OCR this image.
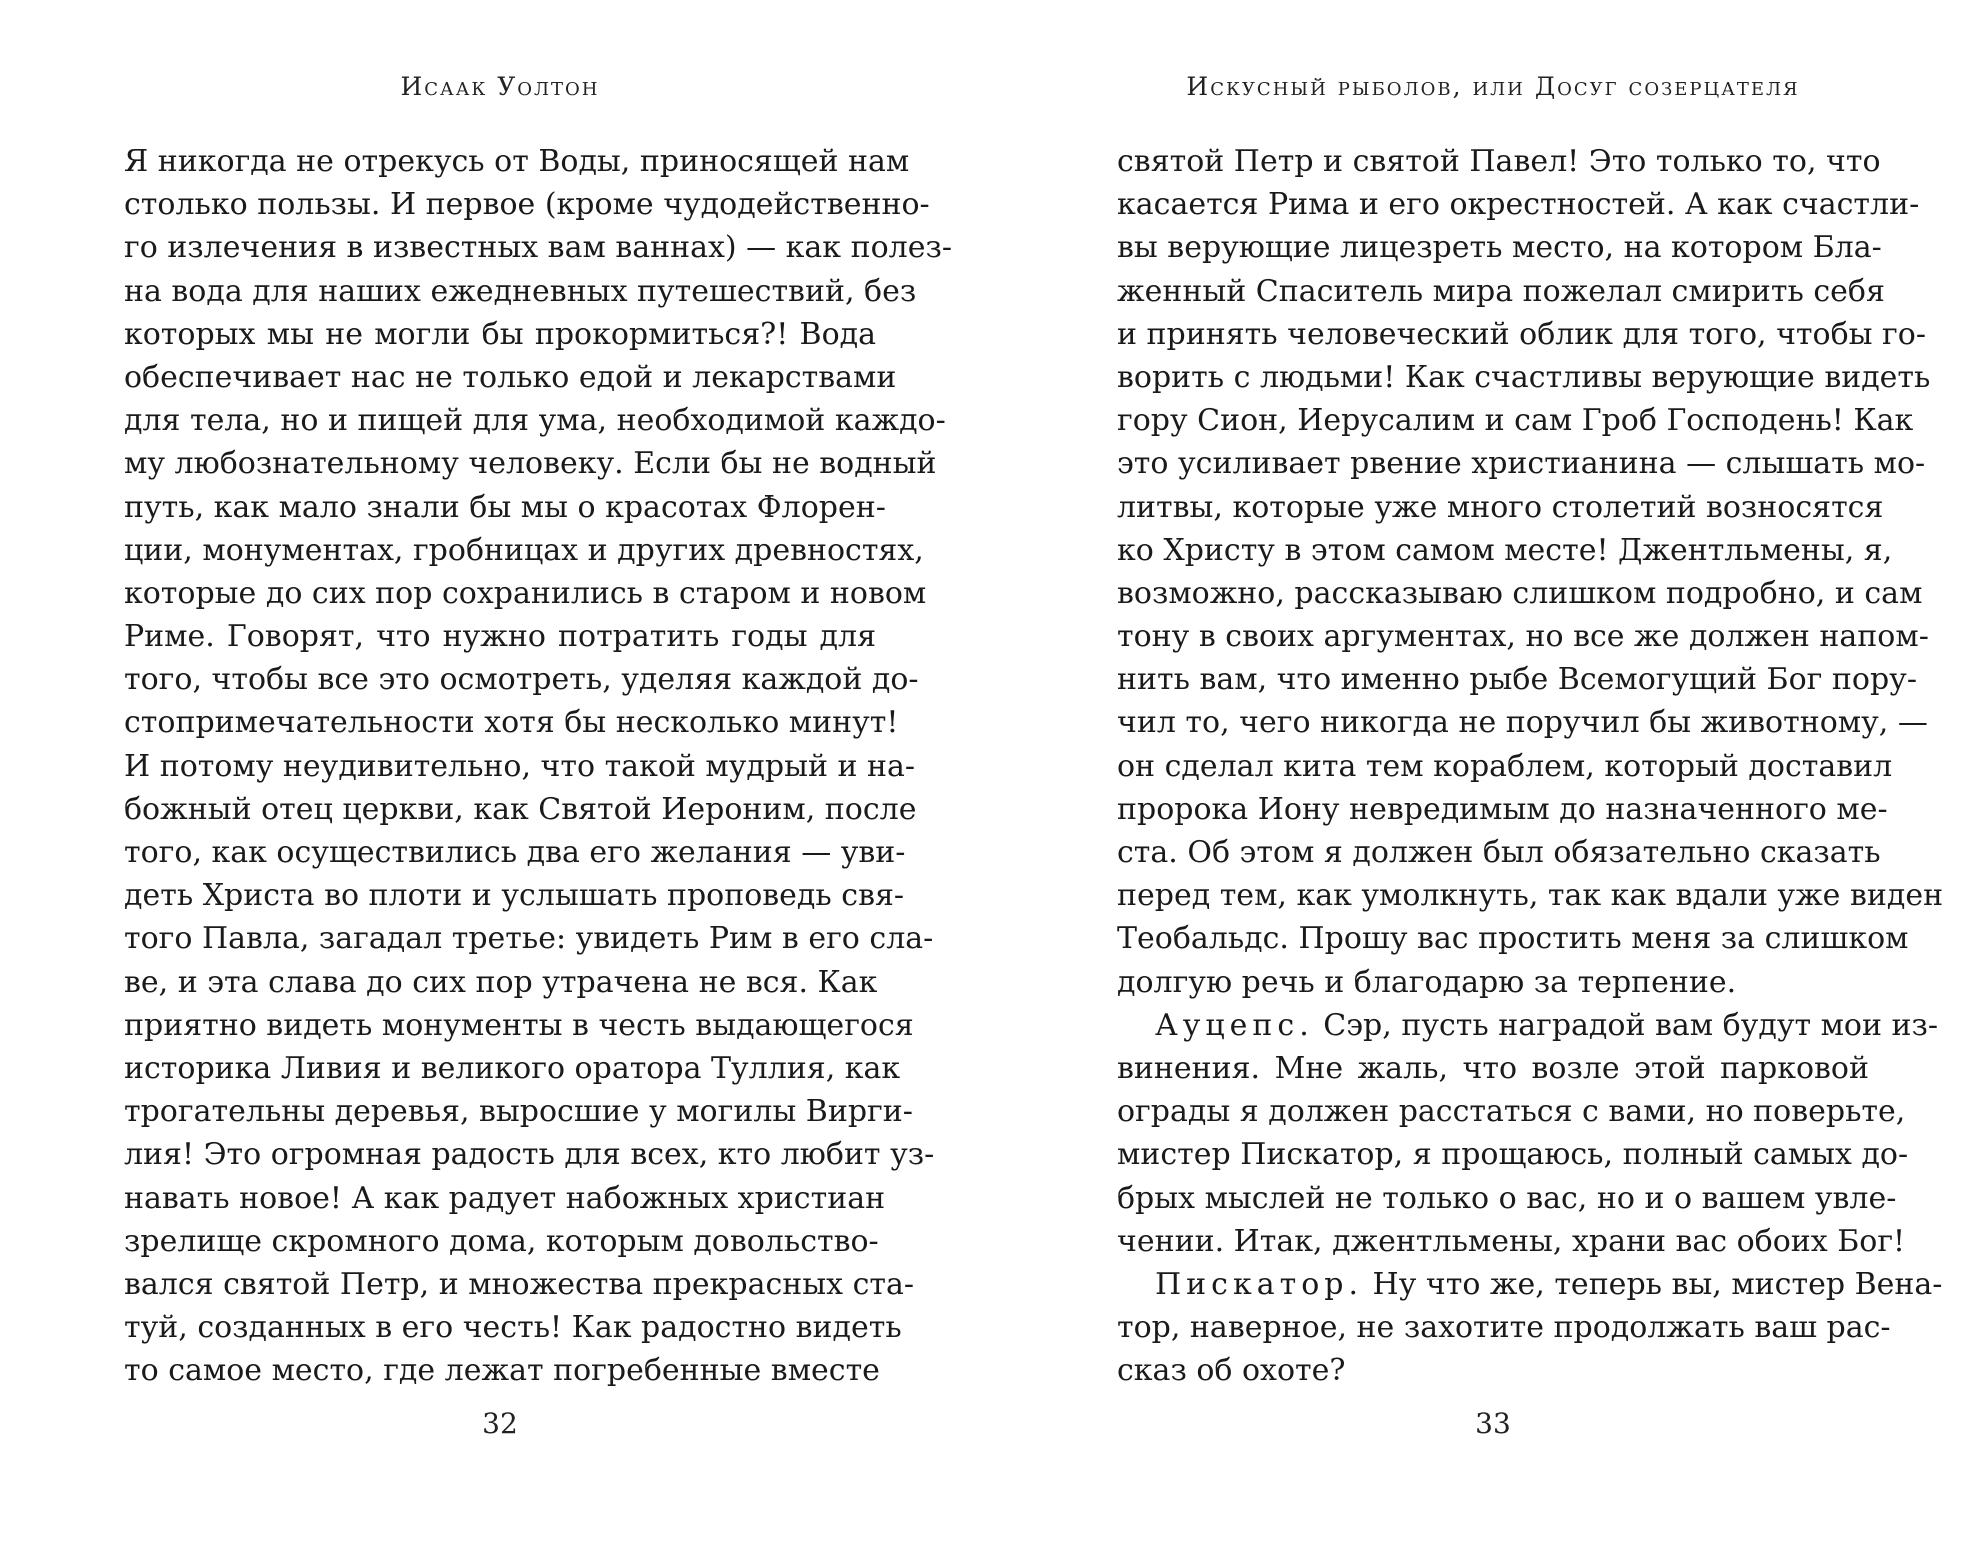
Исаак Уолтон
Я никогда не отрекусь от Воды, приносящей нам
столько пользы. И первое (кроме чудодейственно-
го излечения в известных вам ваннах) — как полез-
на вода для наших ежедневных путешествий, без
которых мы не могли бы прокормиться?! Вода
обеспечивает нас не только едой и лекарствами
для тела, но и пищей для ума, необходимой каждо-
му любознательному человеку. Если бы не водный
путь, как мало знали бы мы о красотах Флорен-
ции, монументах, гробницах и других древностях,
которые до сих пор сохранились в старом и новом
Риме. Говорят, что нужно потратить годы для
того, чтобы все это осмотреть, уделяя каждой до-
стопримечательности хотя бы несколько минут!
И потому неудивительно, что такой мудрый и на-
божный отец церкви, как Святой Иероним, после
того, как осуществились два его желания — уви-
деть Христа во плоти и услышать проповедь свя-
того Павла, загадал третье: увидеть Рим в его сла-
ве, и эта слава до сих пор утрачена не вся. Как
приятно видеть монументы в честь выдающегося
историка Ливия и великого оратора Туллия, как
трогательны деревья, выросшие у могилы Вирги-
лия! Это огромная радость для всех, кто любит уз-
навать новое! А как радует набожных христиан
зрелище скромного дома, которым довольство-
вался святой Петр, и множества прекрасных ста-
туй, созданных в его честь! Как радостно видеть
то самое место, где лежат погребенные вместе
32
Искусный рыболов, или Досуг созерцателя
святой Петр и святой Павел! Это только то, что
касается Рима и его окрестностей. А как счастли-
вы верующие лицезреть место, на котором Бла-
женный Спаситель мира пожелал смирить себя
и принять человеческий облик для того, чтобы го-
ворить с людьми! Как счастливы верующие видеть
гору Сион, Иерусалим и сам Гроб Господень! Как
это усиливает рвение христианина — слышать мо-
литвы, которые уже много столетий возносятся
ко Христу в этом самом месте! Джентльмены, я,
возможно, рассказываю слишком подробно, и сам
тону в своих аргументах, но все же должен напом-
нить вам, что именно рыбе Всемогущий Бог пору-
чил то, чего никогда не поручил бы животному, —
он сделал кита тем кораблем, который доставил
пророка Иону невредимым до назначенного ме-
ста. Об этом я должен был обязательно сказать
перед тем, как умолкнуть, так как вдали уже виден
Теобальдс. Прошу вас простить меня за слишком
долгую речь и благодарю за терпение.
Ауцепс. Сэр, пусть наградой вам будут мои из-
винения. Мне жаль, что возле этой парковой
ограды я должен расстаться с вами, но поверьте,
мистер Пискатор, я прощаюсь, полный самых до-
брых мыслей не только о вас, но и о вашем увле-
чении. Итак, джентльмены, храни вас обоих Бог!
Пискатор. Ну что же, теперь вы, мистер Вена-
тор, наверное, не захотите продолжать ваш рас-
сказ об охоте?
33
